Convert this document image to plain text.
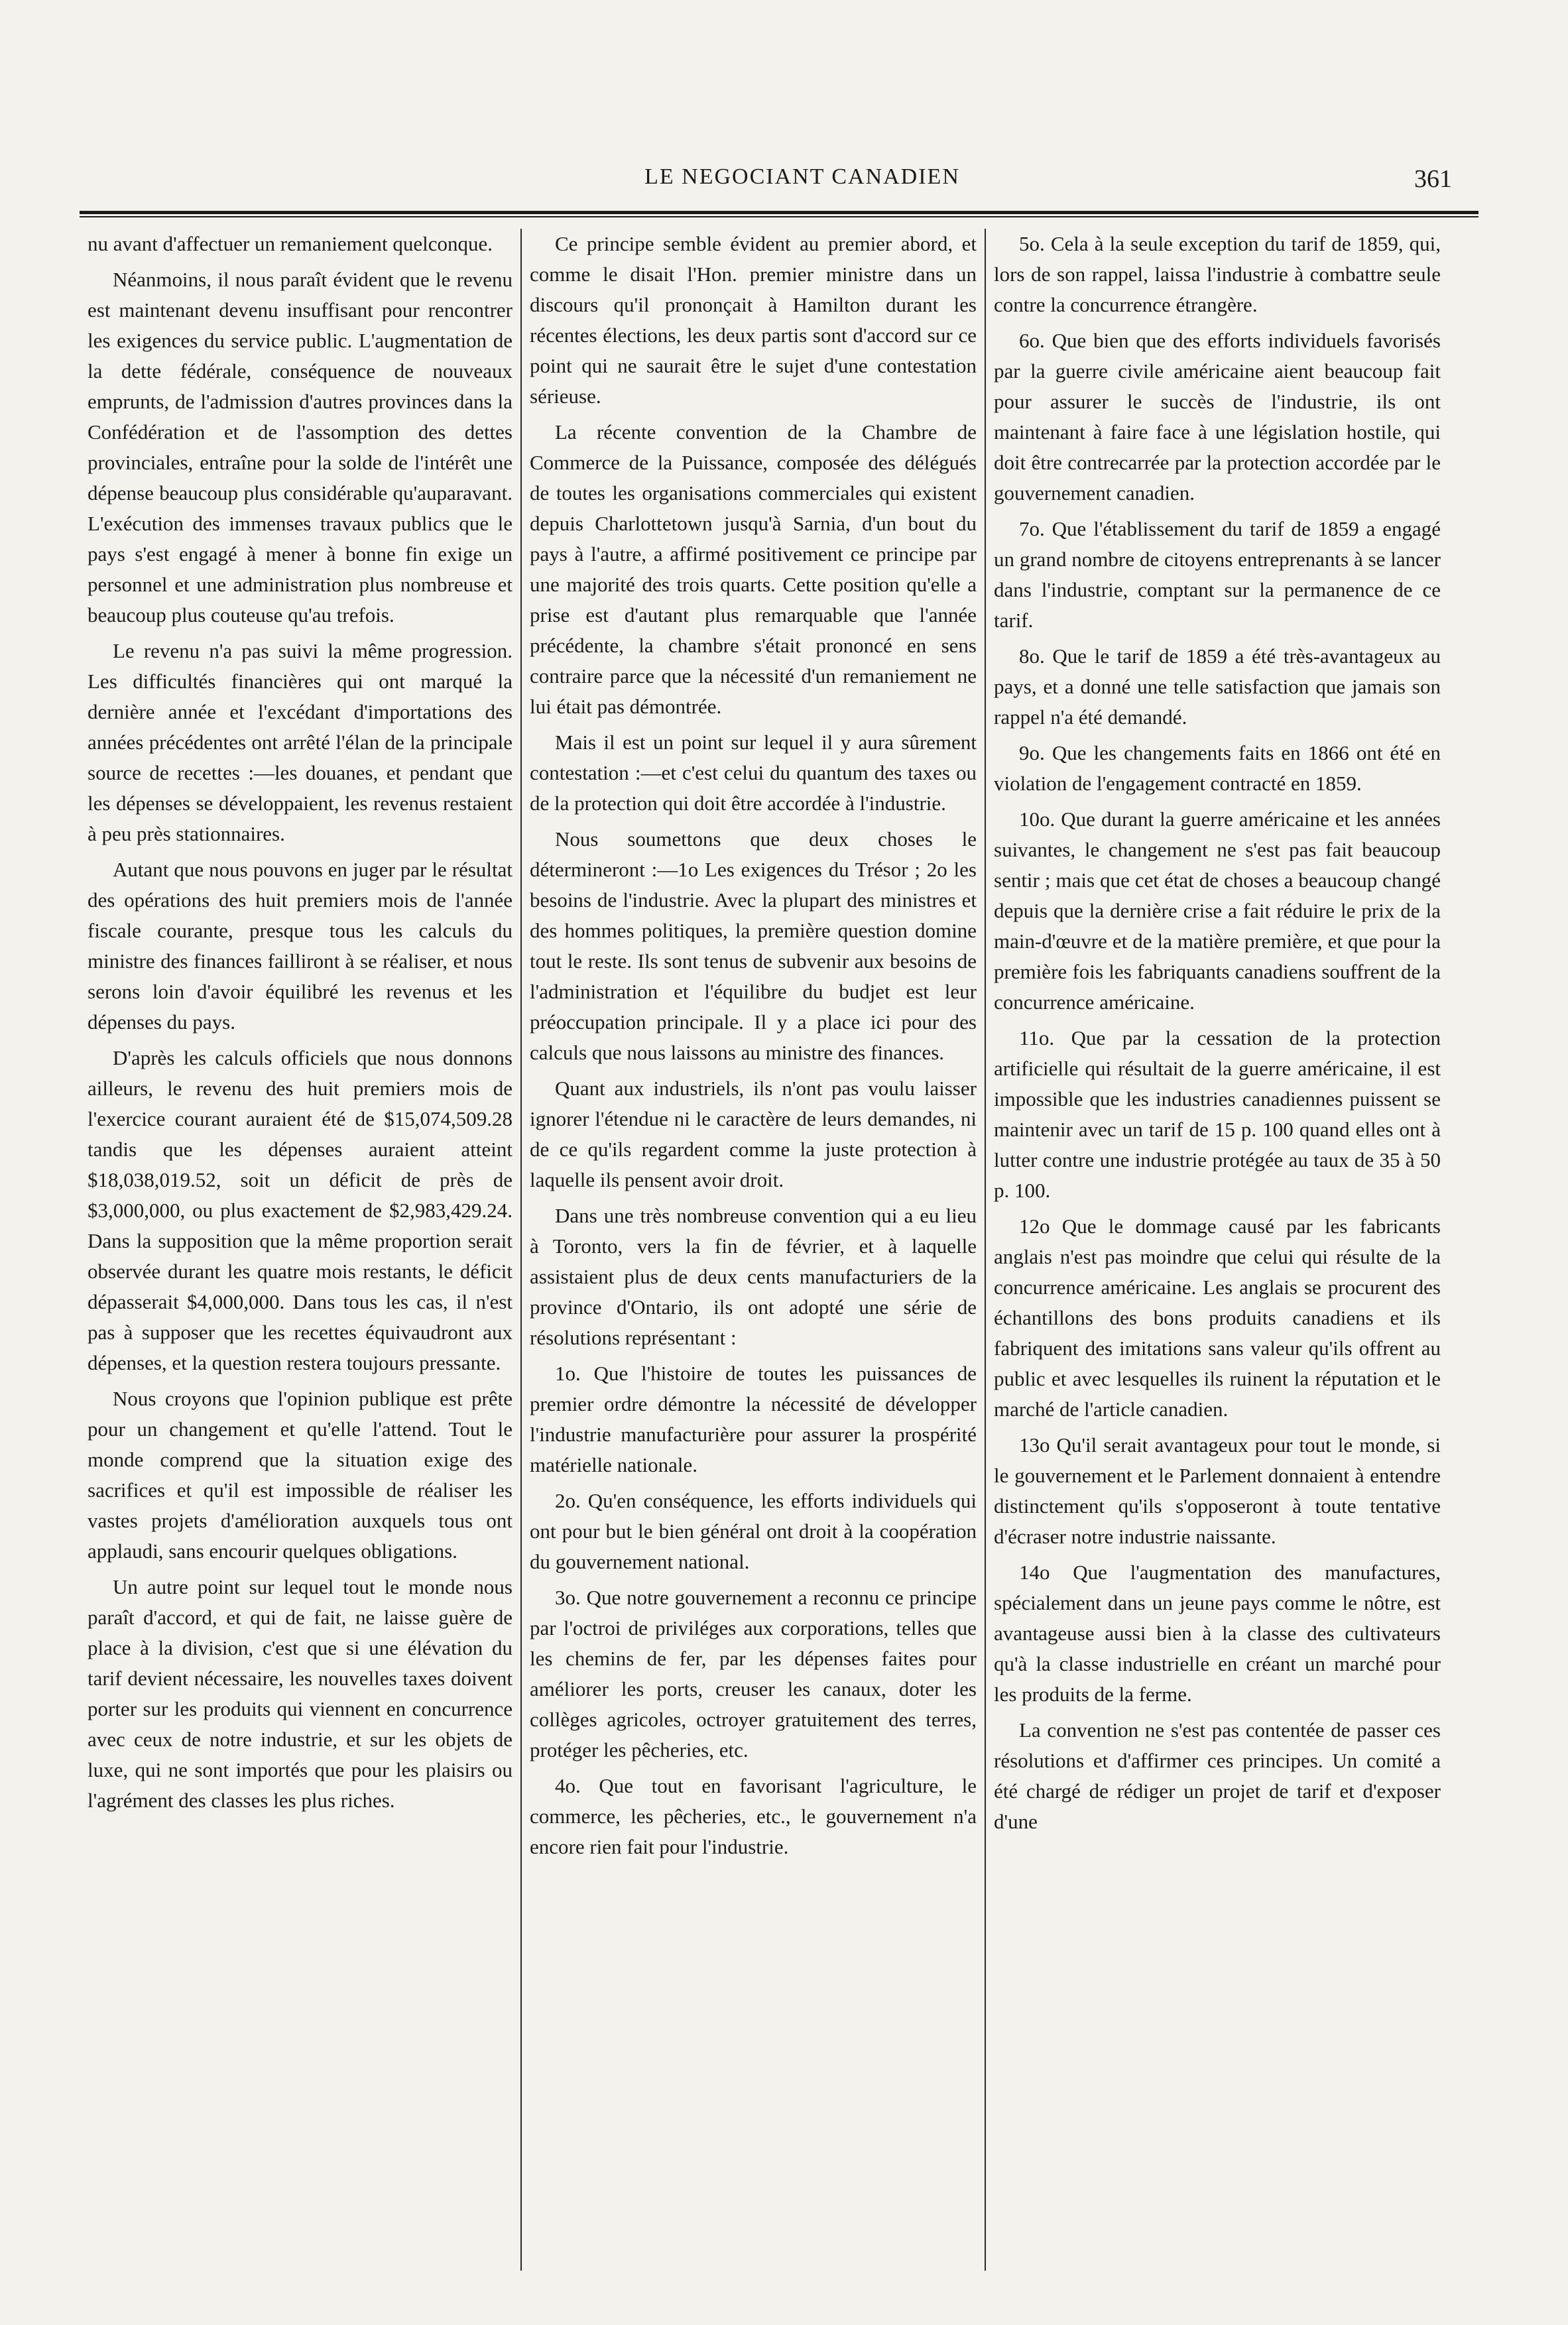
LE NEGOCIANT CANADIEN	361

nu avant d'affectuer un remaniement quelconque.

Néanmoins, il nous paraît évident que le revenu est maintenant devenu insuffisant pour rencontrer les exigences du service public. L'augmentation de la dette fédérale, conséquence de nouveaux emprunts, de l'admission d'autres provinces dans la Confédération et de l'assomption des dettes provinciales, entraîne pour la solde de l'intérêt une dépense beaucoup plus considérable qu'auparavant. L'exécution des immenses travaux publics que le pays s'est engagé à mener à bonne fin exige un personnel et une administration plus nombreuse et beaucoup plus couteuse qu'au trefois.

Le revenu n'a pas suivi la même progression. Les difficultés financières qui ont marqué la dernière année et l'excédant d'importations des années précédentes ont arrêté l'élan de la principale source de recettes :—les douanes, et pendant que les dépenses se développaient, les revenus restaient à peu près stationnaires.

Autant que nous pouvons en juger par le résultat des opérations des huit premiers mois de l'année fiscale courante, presque tous les calculs du ministre des finances failliront à se réaliser, et nous serons loin d'avoir équilibré les revenus et les dépenses du pays.

D'après les calculs officiels que nous donnons ailleurs, le revenu des huit premiers mois de l'exercice courant auraient été de $15,074,509.28 tandis que les dépenses auraient atteint $18,038,019.52, soit un déficit de près de $3,000,000, ou plus exactement de $2,983,429.24. Dans la supposition que la même proportion serait observée durant les quatre mois restants, le déficit dépasserait $4,000,000. Dans tous les cas, il n'est pas à supposer que les recettes équivaudront aux dépenses, et la question restera toujours pressante.

Nous croyons que l'opinion publique est prête pour un changement et qu'elle l'attend. Tout le monde comprend que la situation exige des sacrifices et qu'il est impossible de réaliser les vastes projets d'amélioration auxquels tous ont applaudi, sans encourir quelques obligations.

Un autre point sur lequel tout le monde nous paraît d'accord, et qui de fait, ne laisse guère de place à la division, c'est que si une élévation du tarif devient nécessaire, les nouvelles taxes doivent porter sur les produits qui viennent en concurrence avec ceux de notre industrie, et sur les objets de luxe, qui ne sont importés que pour les plaisirs ou l'agrément des classes les plus riches.

Ce principe semble évident au premier abord, et comme le disait l'Hon. premier ministre dans un discours qu'il prononçait à Hamilton durant les récentes élections, les deux partis sont d'accord sur ce point qui ne saurait être le sujet d'une contestation sérieuse.

La récente convention de la Chambre de Commerce de la Puissance, composée des délégués de toutes les organisations commerciales qui existent depuis Charlottetown jusqu'à Sarnia, d'un bout du pays à l'autre, a affirmé positivement ce principe par une majorité des trois quarts. Cette position qu'elle a prise est d'autant plus remarquable que l'année précédente, la chambre s'était prononcé en sens contraire parce que la nécessité d'un remaniement ne lui était pas démontrée.

Mais il est un point sur lequel il y aura sûrement contestation :—et c'est celui du quantum des taxes ou de la protection qui doit être accordée à l'industrie.

Nous soumettons que deux choses le détermineront :—1o Les exigences du Trésor ; 2o les besoins de l'industrie. Avec la plupart des ministres et des hommes politiques, la première question domine tout le reste. Ils sont tenus de subvenir aux besoins de l'administration et l'équilibre du budjet est leur préoccupation principale. Il y a place ici pour des calculs que nous laissons au ministre des finances.

Quant aux industriels, ils n'ont pas voulu laisser ignorer l'étendue ni le caractère de leurs demandes, ni de ce qu'ils regardent comme la juste protection à laquelle ils pensent avoir droit.

Dans une très nombreuse convention qui a eu lieu à Toronto, vers la fin de février, et à laquelle assistaient plus de deux cents manufacturiers de la province d'Ontario, ils ont adopté une série de résolutions représentant :

1o. Que l'histoire de toutes les puissances de premier ordre démontre la nécessité de développer l'industrie manufacturière pour assurer la prospérité matérielle nationale.

2o. Qu'en conséquence, les efforts individuels qui ont pour but le bien général ont droit à la coopération du gouvernement national.

3o. Que notre gouvernement a reconnu ce principe par l'octroi de priviléges aux corporations, telles que les chemins de fer, par les dépenses faites pour améliorer les ports, creuser les canaux, doter les collèges agricoles, octroyer gratuitement des terres, protéger les pêcheries, etc.

4o. Que tout en favorisant l'agriculture, le commerce, les pêcheries, etc., le gouvernement n'a encore rien fait pour l'industrie.

5o. Cela à la seule exception du tarif de 1859, qui, lors de son rappel, laissa l'industrie à combattre seule contre la concurrence étrangère.

6o. Que bien que des efforts individuels favorisés par la guerre civile américaine aient beaucoup fait pour assurer le succès de l'industrie, ils ont maintenant à faire face à une législation hostile, qui doit être contrecarrée par la protection accordée par le gouvernement canadien.

7o. Que l'établissement du tarif de 1859 a engagé un grand nombre de citoyens entreprenants à se lancer dans l'industrie, comptant sur la permanence de ce tarif.

8o. Que le tarif de 1859 a été très-avantageux au pays, et a donné une telle satisfaction que jamais son rappel n'a été demandé.

9o. Que les changements faits en 1866 ont été en violation de l'engagement contracté en 1859.

10o. Que durant la guerre américaine et les années suivantes, le changement ne s'est pas fait beaucoup sentir ; mais que cet état de choses a beaucoup changé depuis que la dernière crise a fait réduire le prix de la main-d'œuvre et de la matière première, et que pour la première fois les fabriquants canadiens souffrent de la concurrence américaine.

11o. Que par la cessation de la protection artificielle qui résultait de la guerre américaine, il est impossible que les industries canadiennes puissent se maintenir avec un tarif de 15 p. 100 quand elles ont à lutter contre une industrie protégée au taux de 35 à 50 p. 100.

12o Que le dommage causé par les fabricants anglais n'est pas moindre que celui qui résulte de la concurrence américaine. Les anglais se procurent des échantillons des bons produits canadiens et ils fabriquent des imitations sans valeur qu'ils offrent au public et avec lesquelles ils ruinent la réputation et le marché de l'article canadien.

13o Qu'il serait avantageux pour tout le monde, si le gouvernement et le Parlement donnaient à entendre distinctement qu'ils s'opposeront à toute tentative d'écraser notre industrie naissante.

14o Que l'augmentation des manufactures, spécialement dans un jeune pays comme le nôtre, est avantageuse aussi bien à la classe des cultivateurs qu'à la classe industrielle en créant un marché pour les produits de la ferme.

La convention ne s'est pas contentée de passer ces résolutions et d'affirmer ces principes. Un comité a été chargé de rédiger un projet de tarif et d'exposer d'une
